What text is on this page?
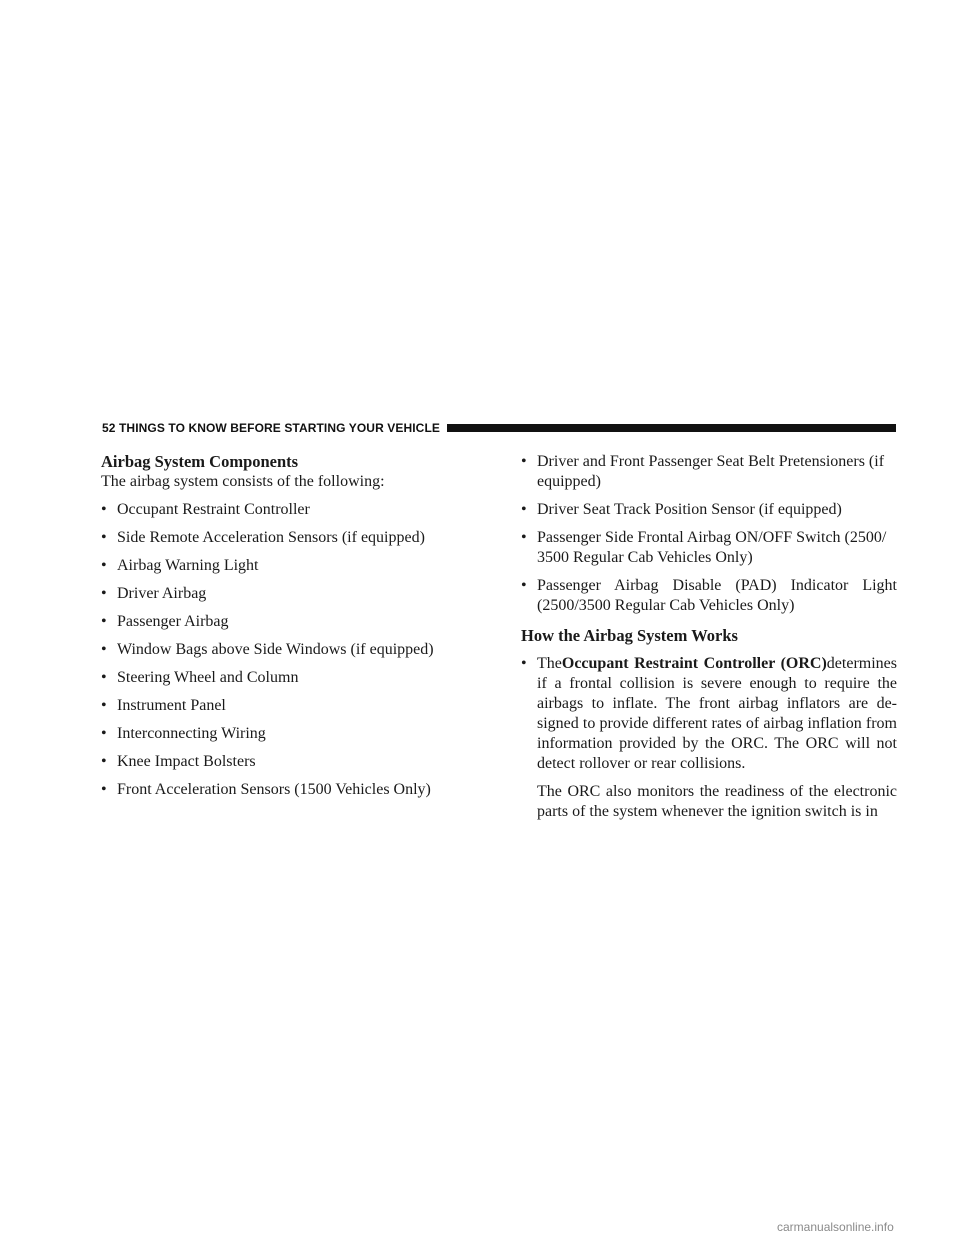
52 THINGS TO KNOW BEFORE STARTING YOUR VEHICLE

Airbag System Components

The airbag system consists of the following:

• Occupant Restraint Controller
• Side Remote Acceleration Sensors (if equipped)
• Airbag Warning Light
• Driver Airbag
• Passenger Airbag
• Window Bags above Side Windows (if equipped)
• Steering Wheel and Column
• Instrument Panel
• Interconnecting Wiring
• Knee Impact Bolsters
• Front Acceleration Sensors (1500 Vehicles Only)
• Driver and Front Passenger Seat Belt Pretensioners (if equipped)
• Driver Seat Track Position Sensor (if equipped)
• Passenger Side Frontal Airbag ON/OFF Switch (2500/ 3500 Regular Cab Vehicles Only)
• Passenger Airbag Disable (PAD) Indicator Light (2500/3500 Regular Cab Vehicles Only)

How the Airbag System Works

• TheOccupant Restraint Controller (ORC)determines if a frontal collision is severe enough to require the airbags to inflate. The front airbag inflators are de-signed to provide different rates of airbag inflation from information provided by the ORC. The ORC will not detect rollover or rear collisions.
The ORC also monitors the readiness of the electronic parts of the system whenever the ignition switch is in
carmanualsonline.info
